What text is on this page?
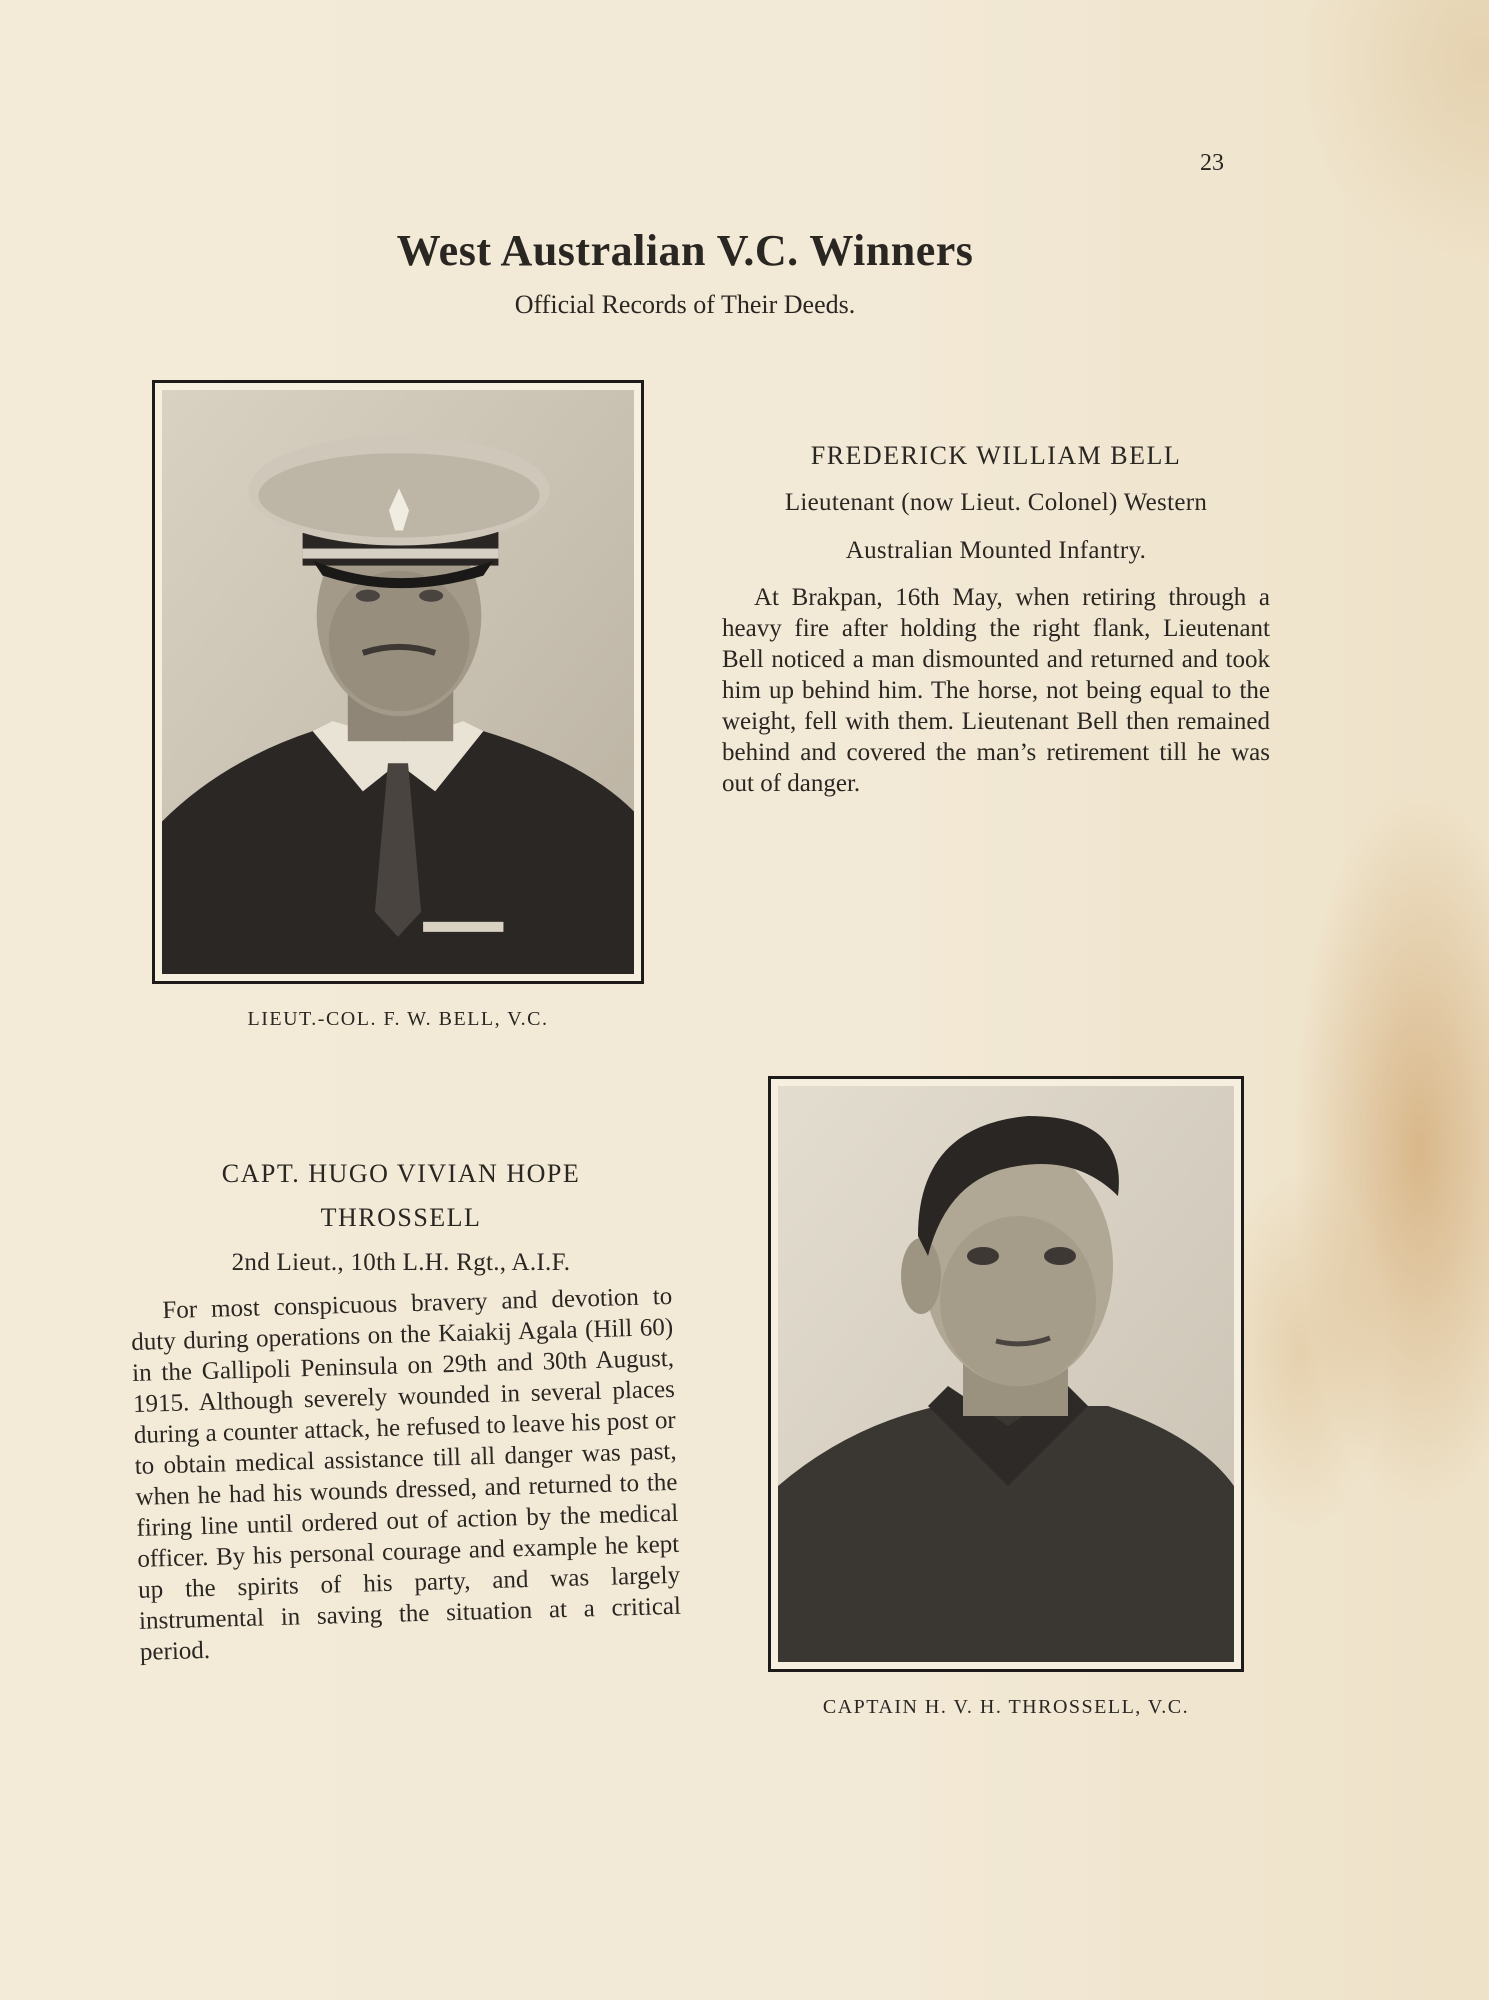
23
West Australian V.C. Winners
Official Records of Their Deeds.
LIEUT.-COL. F. W. BELL, V.C.
FREDERICK WILLIAM BELL
Lieutenant (now Lieut. Colonel) Western
Australian Mounted Infantry.
At Brakpan, 16th May, when retiring through a heavy fire after holding the right flank, Lieutenant Bell noticed a man dismounted and returned and took him up behind him. The horse, not being equal to the weight, fell with them. Lieutenant Bell then remained behind and covered the man’s retirement till he was out of danger.
CAPT. HUGO VIVIAN HOPE
THROSSELL
2nd Lieut., 10th L.H. Rgt., A.I.F.
For most conspicuous bravery and devotion to duty during operations on the Kaiakij Agala (Hill 60) in the Gallipoli Peninsula on 29th and 30th August, 1915. Although severely wounded in several places during a counter attack, he refused to leave his post or to obtain medical assistance till all danger was past, when he had his wounds dressed, and returned to the firing line until ordered out of action by the medical officer. By his personal courage and example he kept up the spirits of his party, and was largely instrumental in saving the situation at a critical period.
CAPTAIN H. V. H. THROSSELL, V.C.
